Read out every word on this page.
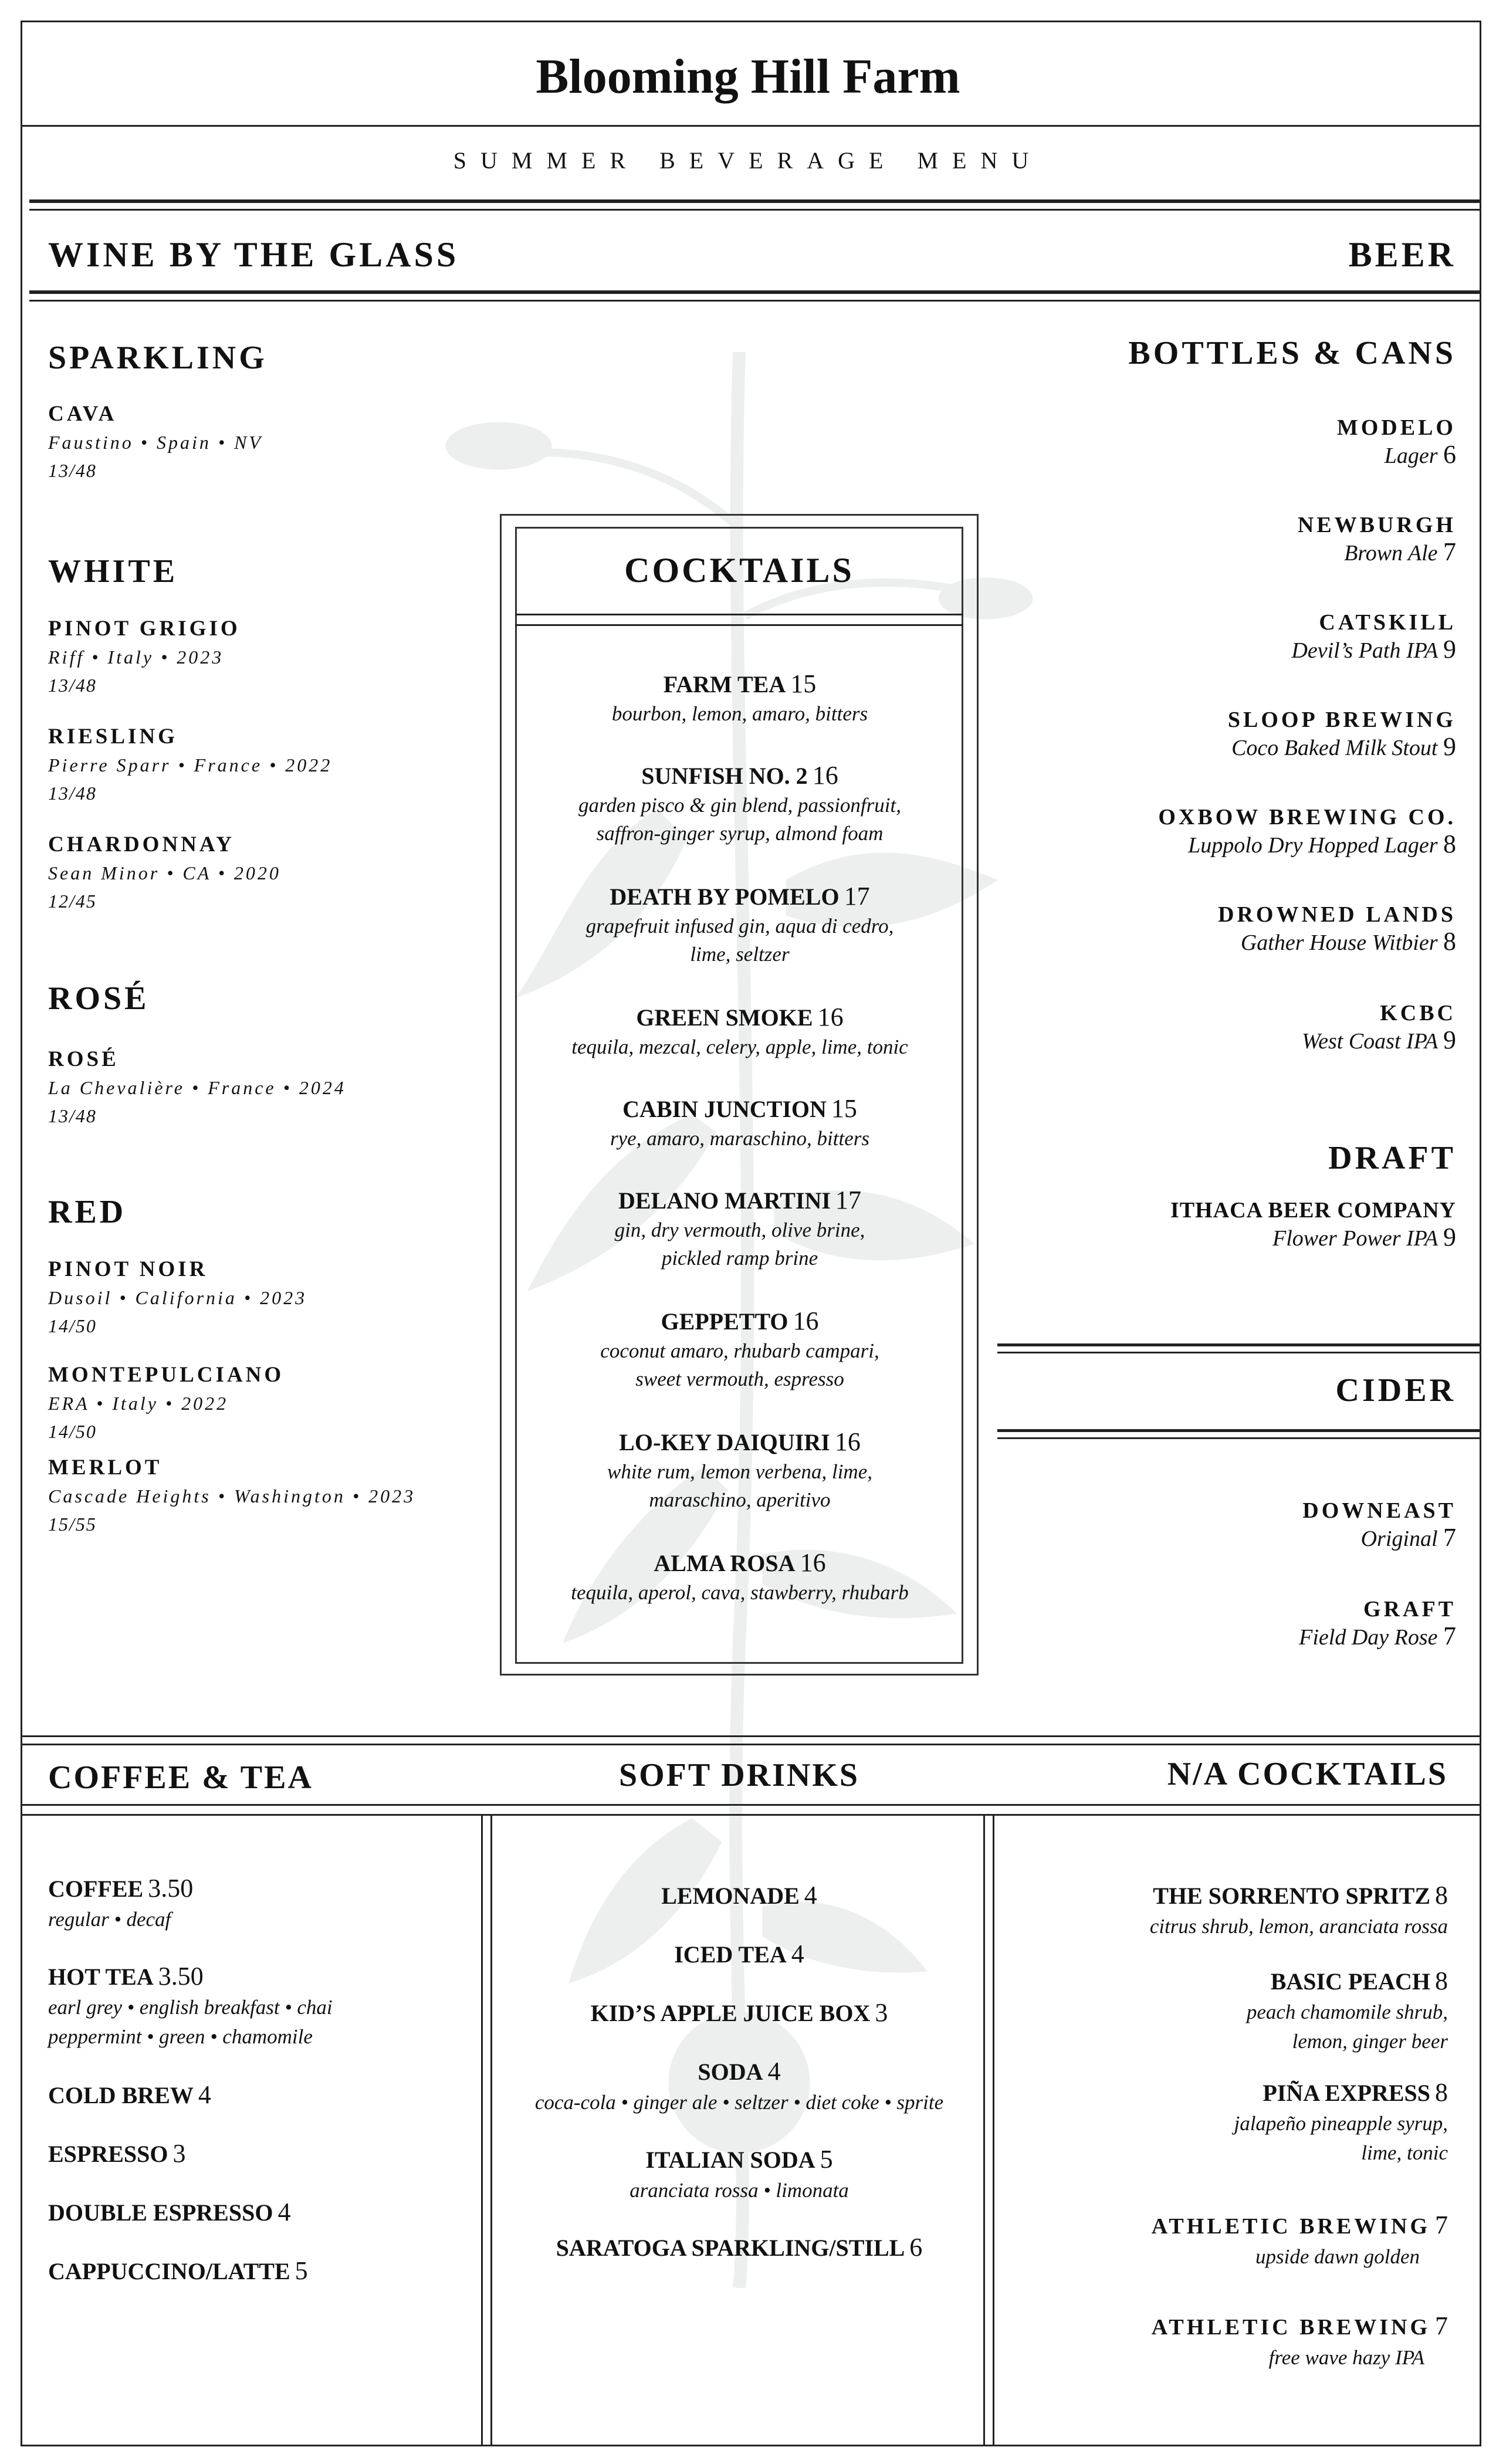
Blooming Hill Farm
SUMMER BEVERAGE MENU
WINE BY THE GLASS	BEER
SPARKLING
CAVA
Faustino • Spain • NV
13/48
WHITE
PINOT GRIGIO
Riff • Italy • 2023
13/48
RIESLING
Pierre Sparr • France • 2022
13/48
CHARDONNAY
Sean Minor • CA • 2020
12/45
ROSÉ
ROSÉ
La Chevalière • France • 2024
13/48
RED
PINOT NOIR
Dusoil • California • 2023
14/50
MONTEPULCIANO
ERA • Italy • 2022
14/50
MERLOT
Cascade Heights • Washington • 2023
15/55
COCKTAILS
FARM TEA 15
bourbon, lemon, amaro, bitters
SUNFISH NO. 2 16
garden pisco & gin blend, passionfruit,
saffron-ginger syrup, almond foam
DEATH BY POMELO 17
grapefruit infused gin, aqua di cedro,
lime, seltzer
GREEN SMOKE 16
tequila, mezcal, celery, apple, lime, tonic
CABIN JUNCTION 15
rye, amaro, maraschino, bitters
DELANO MARTINI 17
gin, dry vermouth, olive brine,
pickled ramp brine
GEPPETTO 16
coconut amaro, rhubarb campari,
sweet vermouth, espresso
LO-KEY DAIQUIRI 16
white rum, lemon verbena, lime,
maraschino, aperitivo
ALMA ROSA 16
tequila, aperol, cava, stawberry, rhubarb
BOTTLES & CANS
MODELO
Lager 6
NEWBURGH
Brown Ale 7
CATSKILL
Devil’s Path IPA 9
SLOOP BREWING
Coco Baked Milk Stout 9
OXBOW BREWING CO.
Luppolo Dry Hopped Lager 8
DROWNED LANDS
Gather House Witbier 8
KCBC
West Coast IPA 9
DRAFT
ITHACA BEER COMPANY
Flower Power IPA 9
CIDER
DOWNEAST
Original 7
GRAFT
Field Day Rose 7
COFFEE & TEA	SOFT DRINKS	N/A COCKTAILS
COFFEE 3.50
regular • decaf
HOT TEA 3.50
earl grey • english breakfast • chai
peppermint • green • chamomile
COLD BREW 4
ESPRESSO 3
DOUBLE ESPRESSO 4
CAPPUCCINO/LATTE 5
LEMONADE 4
ICED TEA 4
KID’S APPLE JUICE BOX 3
SODA 4
coca-cola • ginger ale • seltzer • diet coke • sprite
ITALIAN SODA 5
aranciata rossa • limonata
SARATOGA SPARKLING/STILL 6
THE SORRENTO SPRITZ 8
citrus shrub, lemon, aranciata rossa
BASIC PEACH 8
peach chamomile shrub,
lemon, ginger beer
PIÑA EXPRESS 8
jalapeño pineapple syrup,
lime, tonic
ATHLETIC BREWING 7
upside dawn golden
ATHLETIC BREWING 7
free wave hazy IPA
